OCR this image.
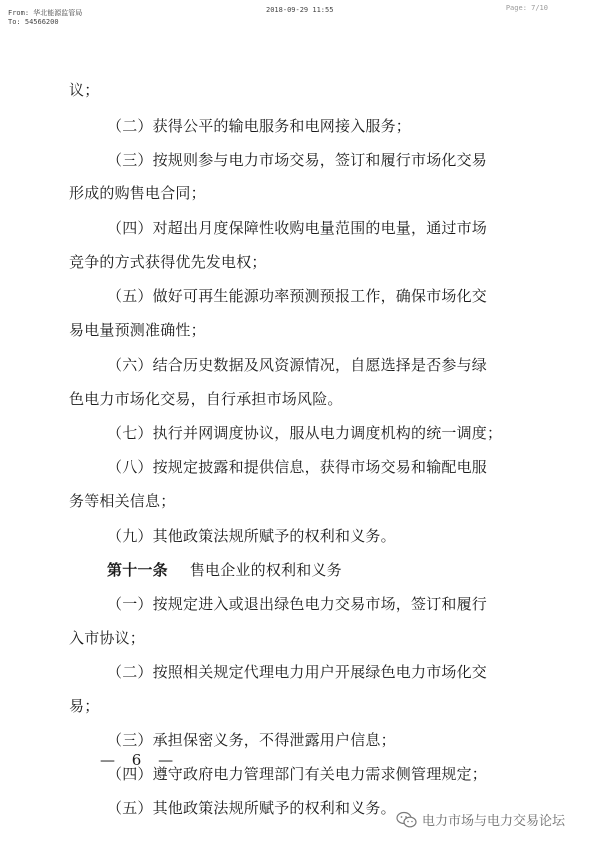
From: 华北能源监管局
To: 54566200
2018-09-29 11:55	Page: 7/10
议；
（二）获得公平的输电服务和电网接入服务；
（三）按规则参与电力市场交易，签订和履行市场化交易
形成的购售电合同；
（四）对超出月度保障性收购电量范围的电量，通过市场
竞争的方式获得优先发电权；
（五）做好可再生能源功率预测预报工作，确保市场化交
易电量预测准确性；
（六）结合历史数据及风资源情况，自愿选择是否参与绿
色电力市场化交易，自行承担市场风险。
（七）执行并网调度协议，服从电力调度机构的统一调度；
（八）按规定披露和提供信息，获得市场交易和输配电服
务等相关信息；
（九）其他政策法规所赋予的权利和义务。
第十一条 售电企业的权利和义务
（一）按规定进入或退出绿色电力交易市场，签订和履行
入市协议；
（二）按照相关规定代理电力用户开展绿色电力市场化交
易；
（三）承担保密义务，不得泄露用户信息；
（四）遵守政府电力管理部门有关电力需求侧管理规定；
（五）其他政策法规所赋予的权利和义务。
电力市场与电力交易论坛
— 6 —
